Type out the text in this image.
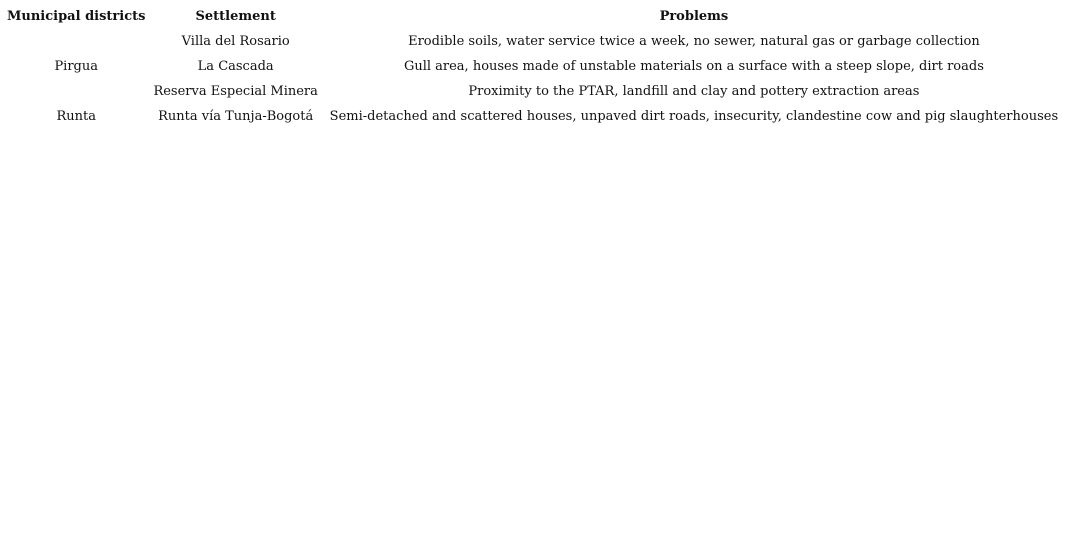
Municipal districts	Settlement	Problems
	Villa del Rosario	Erodible soils, water service twice a week, no sewer, natural gas or garbage collection
Pirgua	La Cascada	Gull area, houses made of unstable materials on a surface with a steep slope, dirt roads
	Reserva Especial Minera	Proximity to the PTAR, landfill and clay and pottery extraction areas
Runta	Runta vía Tunja-Bogotá	Semi-detached and scattered houses, unpaved dirt roads, insecurity, clandestine cow and pig slaughterhouses
